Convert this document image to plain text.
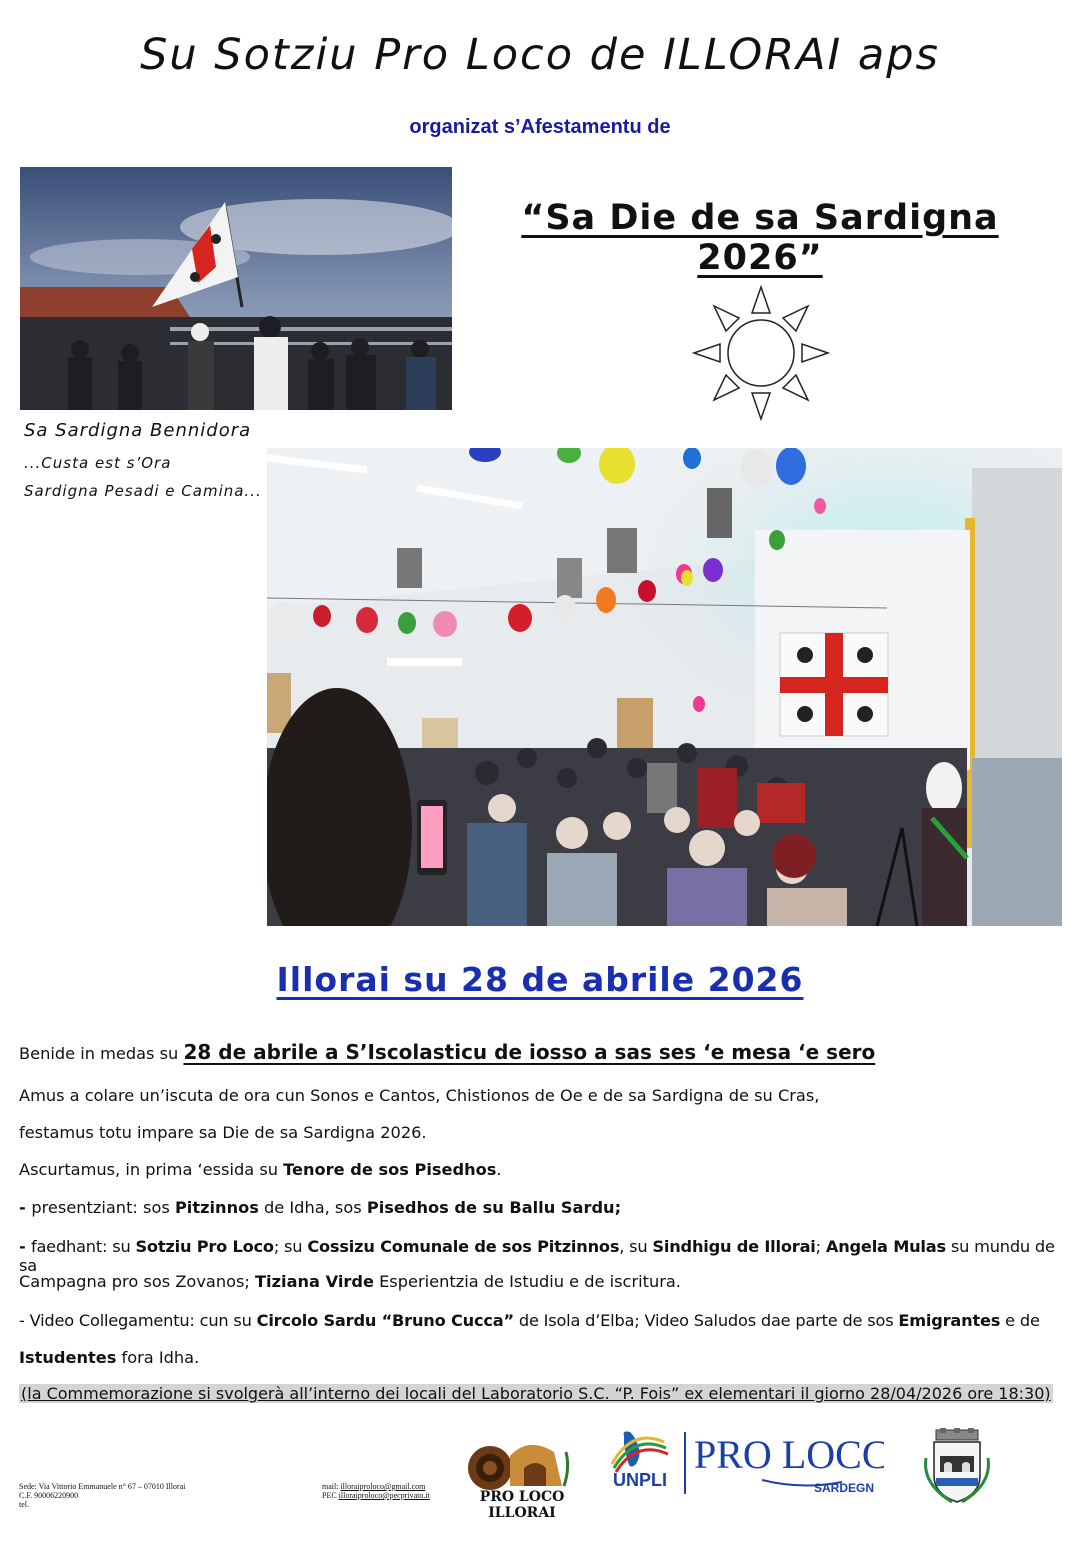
Su Sotziu Pro Loco de ILLORAI aps
organizat s’Afestamentu de
“Sa Die de sa Sardigna 2026”
Sa Sardigna Bennidora
...Custa est s’Ora
Sardigna Pesadi e Camina...
Illorai su 28 de abrile 2026
Benide in medas su 28 de abrile a S’Iscolasticu de iosso a sas ses ‘e mesa ‘e sero
Amus a colare un’iscuta de ora cun Sonos e Cantos, Chistionos de Oe e de sa Sardigna de su Cras,
festamus totu impare sa Die de sa Sardigna 2026.
Ascurtamus, in prima ‘essida su Tenore de sos Pisedhos.
- presentziant: sos Pitzinnos de Idha, sos Pisedhos de su Ballu Sardu;
- faedhant: su Sotziu Pro Loco; su Cossizu Comunale de sos Pitzinnos, su Sindhigu de Illorai; Angela Mulas su mundu de sa
Campagna pro sos Zovanos; Tiziana Virde Esperientzia de Istudiu e de iscritura.
- Video Collegamentu: cun su Circolo Sardu “Bruno Cucca” de Isola d’Elba; Video Saludos dae parte de sos Emigrantes e de
Istudentes fora Idha.
(la Commemorazione si svolgerà all’interno dei locali del Laboratorio S.C. “P. Fois” ex elementari il giorno 28/04/2026 ore 18:30)
Sede: Via Vittorio Emmanuele n° 67 – 07010 Illorai
C.F. 90006220900
tel.
mail: illoraiproloco@gmail.com
PEC illoraiproloco@pecprivato.it	PRO LOCO
ILLORAI
UNPLI
PRO LOCC
SARDEGN
